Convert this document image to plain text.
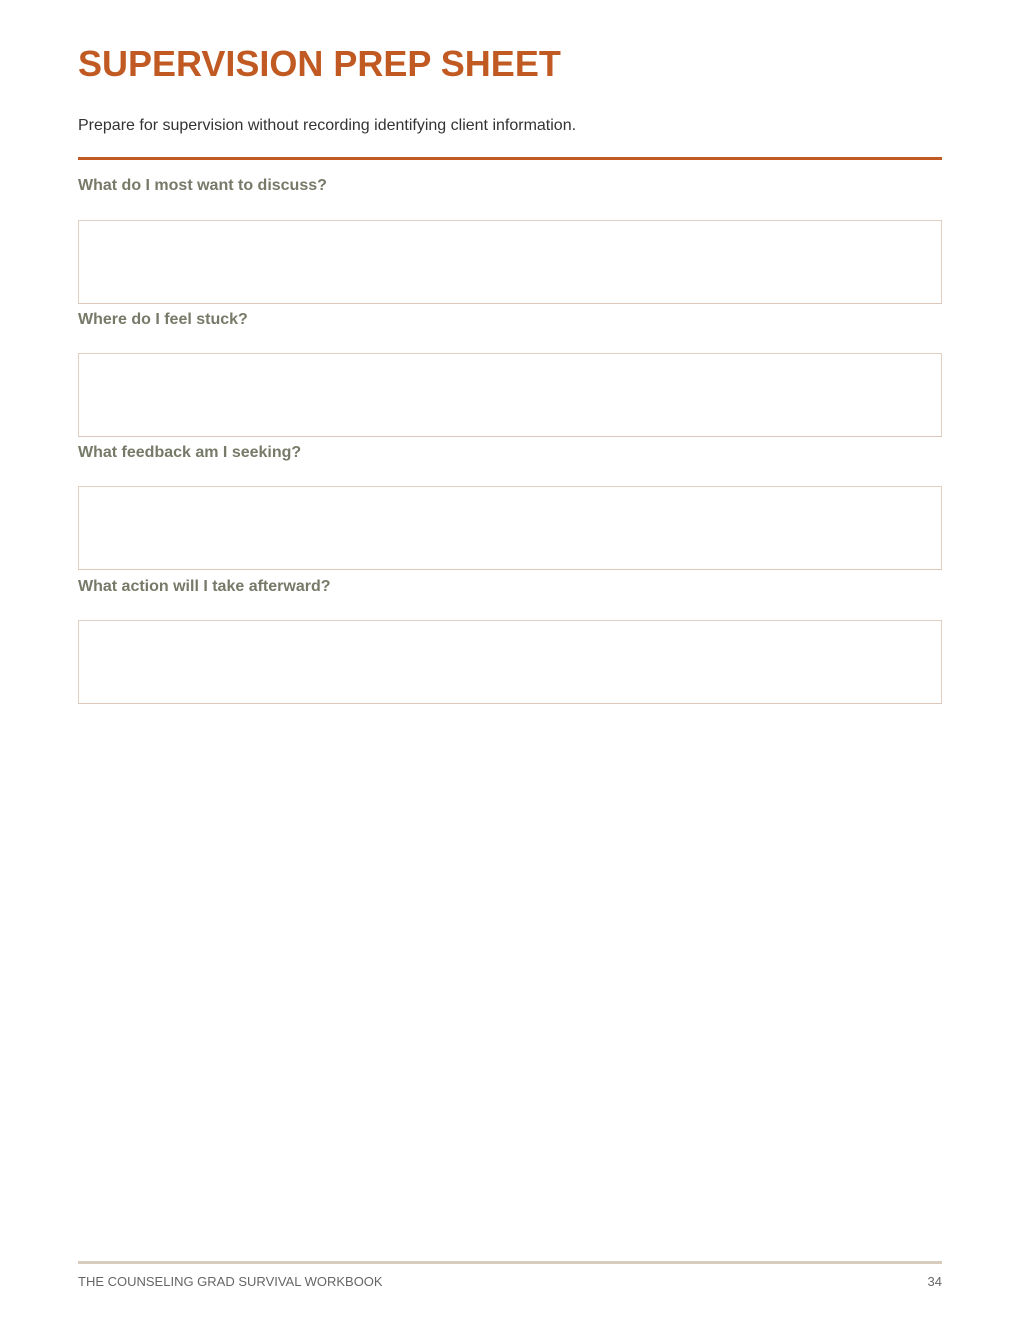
SUPERVISION PREP SHEET

Prepare for supervision without recording identifying client information.

What do I most want to discuss?

Where do I feel stuck?

What feedback am I seeking?

What action will I take afterward?

THE COUNSELING GRAD SURVIVAL WORKBOOK	34
